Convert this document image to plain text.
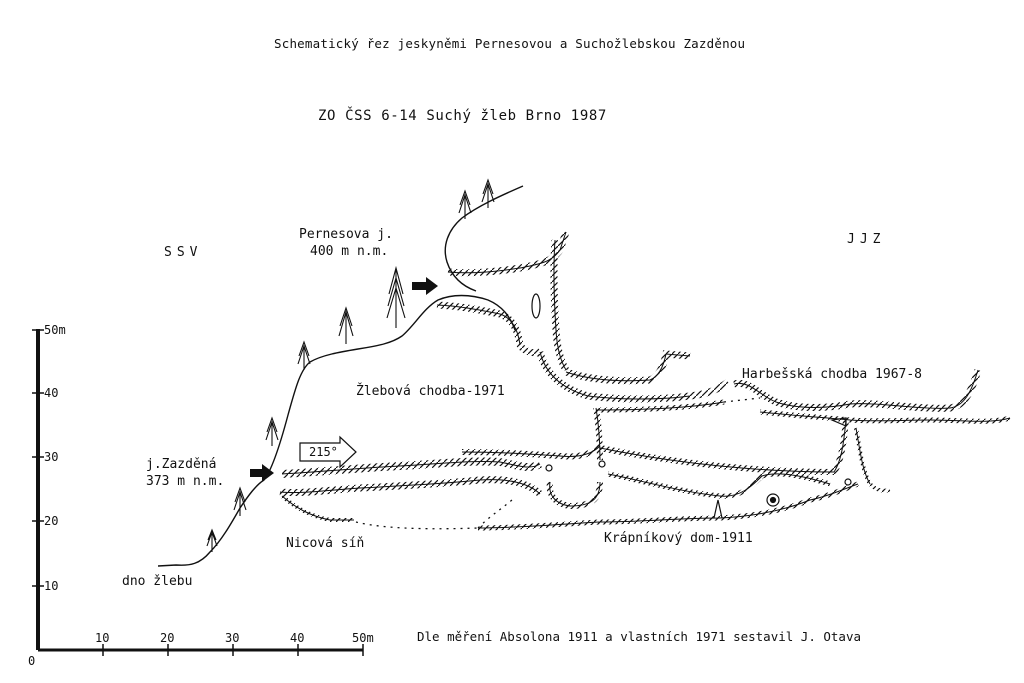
Schematický řez jeskyněmi Pernesovou a Suchožlebskou Zazděnou
ZO ČSS 6-14 Suchý žleb Brno 1987
SSV
JJZ
Pernesova j.
400 m n.m.
j.Zazděná
373 m n.m.
Žlebová chodba-1971
Harbešská chodba 1967-8
Nicová síň	Krápníkový dom-1911
dno žlebu
215°
50m
40
30
20
10
10	20	30	40	50m
0
Dle měření Absolona 1911 a vlastních 1971 sestavil J. Otava
